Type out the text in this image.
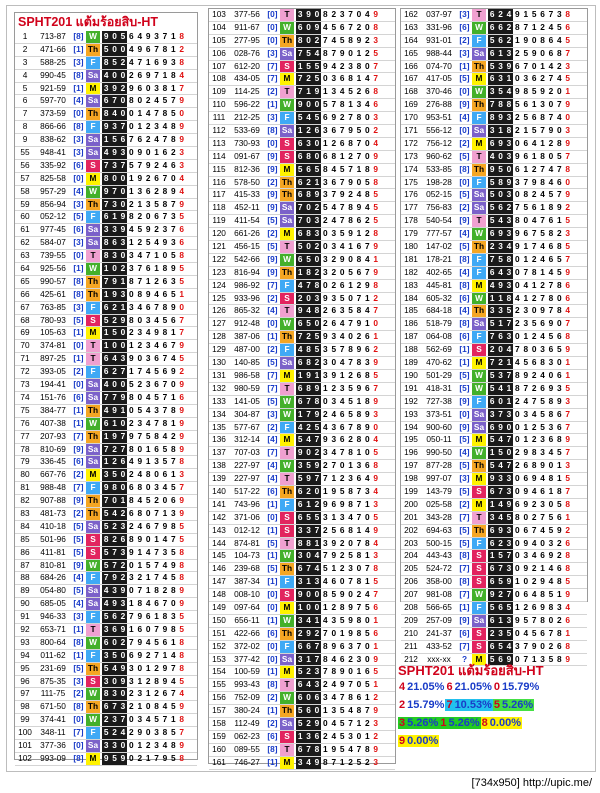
SPHT201 แต้มร้อยสิบ-HT
1	713-87 [8] W 9 0 5 6 4 9 3 7 1 8
2	471-66 [1] Th 5 0 0 4 9 6 7 8 1 2
3	588-25 [3] F	8 5 2 4 7 1 6 9 3 8
4	990-45 [8] Sa 4 0 0 2 6 9 7 1 8 4
5	921-59 [1] M 3 9 2 9 6 0 3 8 1 7
6	597-70 [4] Sa 6 7 0 8 0 2 4 5 7 9
7	373-59 [0] Th 8 4 0 0 1 4 7 8 5 0
8	866-66 [8] F	9 3 7 0 1 2 3 4 8 9
9	838-62 [3] Sa 1 5 6 7 6 2 4 7 8 9
55	948-41 [3] Sa 4 9 3 0 9 0 1 6 2 3
56	335-92 [6] S 7 3 7 5 7 9 2 4 6 3
57	825-58 [0] M 8 0 0 1 9 2 6 7 0 4
58	957-29 [4] W 9 7 0 1 3 6 2 8 9 4
59	856-94 [3] Th 7 3 0 2 1 3 5 8 7 9
60	052-12 [5] F	6 1 9 8 2 0 6 7 3 5
61	977-45 [6] Sa 3 3 9 4 5 9 2 3 7 6
62	584-07 [3] Sa 8 6 3 1 2 5 4 9 3 6
63	739-55 [0] T	8 3 0 3 4 7 1 0 5 8
64	925-56 [1] W 1 0 2 3 7 6 1 8 9 5
65	990-57 [8] Th 7 9 1 8 7 1 2 6 3 5
66	425-61 [8] Th 1 9 3 0 8 9 4 6 5 1
67	763-85 [3] F	6 2 1 3 4 6 7 8 9 0
68	780-93 [5] S 5 2 9 8 0 3 4 5 6 7
69	105-63 [1] M 1 5 0 2 3 4 9 8 1 7
70	374-81 [0] T	1 0 0 1 2 3 4 6 7 9
71	897-25 [1] T	6 4 3 9 0 3 6 7 4 5
72	393-05 [2] F	6 2 7 1 7 4 5 6 9 2
73	194-41 [0] Sa 4 0 0 5 2 3 6 7 0 9
74	151-76 [6] Sa 7 7 9 8 0 4 5 7 1 6
75	384-77 [1] Th 4 9 1 0 5 4 3 7 8 9
76	407-38 [1] W 6 1 0 2 3 4 7 8 1 9
77	207-93 [7] Th 1 9 7 9 7 5 8 4 2 9
78	810-69 [9] Sa 7 2 7 8 0 1 6 5 8 9
79	336-45 [6] Sa 1 2 6 4 9 1 3 5 7 8
80	667-76 [2] M 3 5 0 2 4 8 0 6 1 3
81	988-48 [7] F	9 8 0 6 8 0 3 4 5 7
82	907-88 [9] Th 7 0 1 8 4 5 2 0 6 9
83	481-73 [2] Th 5 4 2 6 8 0 7 1 3 9
84	410-18 [5] Sa 5 2 3 2 4 6 7 9 8 5
85	501-96 [5] S 8 2 6 8 9 0 1 4 7 5
86	411-81 [5] S 5 7 3 9 1 4 7 3 5 8
87	810-81 [9] W 5 7 2 0 1 5 7 4 9 8
88	684-26 [4] F	7 9 2 3 2 1 7 4 5 8
89	054-80 [5] Sa 4 3 9 0 7 1 8 2 8 9
90	685-05 [4] Sa 4 9 3 1 8 4 6 7 0 9
91	946-33 [3] F	5 6 2 7 9 6 1 8 3 5
92	653-71 [1] T	3 6 9 1 6 0 7 9 8 5
93	800-64 [8] W 6 0 2 7 9 4 5 6 1 8
94	011-62 [1] F	3 5 0 6 9 2 7 1 4 8
95	231-69 [5] Th 5 4 9 3 0 1 2 9 7 8
96	875-35 [3] S 3 0 9 3 1 2 8 9 4 5
97	111-75 [2] W 8 3 0 2 3 1 2 6 7 4
98	671-50 [8] Th 6 7 3 2 1 0 8 4 5 9
99	374-41 [0] W 2 3 7 0 3 4 5 7 1 8
100	348-11 [7] F	5 2 4 2 9 0 3 8 5 7
101 377-36 [0] Sa 3 3 0 0 1 2 3 4 8 9
102 993-09 [8] M 9 5 9 0 2 1 7 9 5 8
103 377-56 [0] T	3 9 0 8 2 3 7 0 4 9
104	911-67 [0] W 6 0 9 4 5 6 7 2 0 8
105 277-95 [0] Th 8 0 2 7 4 5 8 9 2 3
106 028-76 [3] Sa 7 5 4 8 7 9 0 1 2 5
107 612-20 [7] S 1 5 5 9 4 2 3 8 0 7
108 434-05 [7] M 7 2 5 0 3 6 8 1 4 7
109	114-25 [2] T	7 1 9 1 3 4 5 2 6 8
110	596-22 [1] W 9 0 0 5 7 8 1 3 4 6
111	212-25 [3] F	5 4 5 6 9 2 7 8 0 3
112	533-69 [8] Sa 1 2 6 3 6 7 9 5 0 2
113	730-93 [0] S 6 3 0 1 2 6 8 7 0 4
114	091-67 [9] S 6 8 0 6 8 1 2 7 0 9
115	812-36 [9] M 5 6 5 8 4 5 7 1 8 9
116	578-50 [2] Th 6 2 1 3 6 7 9 0 5 8
117	415-33 [9] Th 6 8 9 3 7 9 2 4 8 5
118	452-11 [9] Sa 7 0 2 5 4 7 8 9 4 5
119	411-54 [5] Sa 7 0 3 2 4 7 8 6 2 5
120 661-26 [2] M 6 8 3 0 3 5 9 1 2 8
121 456-15 [5] T	5 0 2 0 3 4 1 6 7 9
122 542-66 [9] W 6 5 0 3 2 9 0 8 4 1
123 816-94 [9] Th 1 8 2 3 2 0 5 6 7 9
124 986-92 [7] F	4 7 8 0 2 6 1 2 9 8
125 933-96 [2] S 2 0 3 9 3 5 0 7 1 2
126 865-32 [4] T	9 4 8 2 6 3 5 8 4 7
127 912-48 [0] W 6 5 0 2 6 4 7 9 1 0
128 387-06 [1] Th 7 2 5 9 3 4 0 2 6 1
129 487-00 [2] F	4 8 5 3 5 7 8 9 6 2
130 140-85 [5] Sa 6 8 2 3 0 4 7 8 3 9
131 986-58 [7] M 1 9 1 3 9 1 2 6 8 5
132 980-59 [7] T	6 8 9 1 2 3 5 9 6 7
133 141-05 [5] W 6 7 8 0 3 4 5 1 8 9
134 304-87 [3] W 1 7 9 2 4 6 5 8 9 3
135 577-67 [2] F	4 2 5 4 3 6 7 8 9 0
136 312-14 [4] M 5 4 7 9 3 6 2 8 0 4
137 707-03 [7] T	9 0 2 3 4 7 8 1 0 5
138 227-97 [4] W 3 5 9 2 7 0 1 3 6 8
139 227-97 [4] T	5 9 7 7 1 2 3 6 4 9
140 517-22 [6] Th 6 2 0 1 9 5 8 7 3 4
141 743-96 [1] F	6 1 2 9 6 9 8 7 1 3
142 371-06 [0] S 6 5 5 3 1 3 4 7 0 5
143 012-12 [1] S 3 3 7 2 5 6 8 1 4 9
144 874-81 [5] T	8 8 1 3 9 2 0 7 8 4
145 104-73 [1] W 3 0 4 7 9 2 5 8 1 3
146 239-68 [5] Th 6 7 4 5 1 2 3 0 7 8
147 387-34 [1] F	3 1 3 4 6 0 7 8 1 5
148 008-10 [0] S 9 0 0 8 5 9 0 2 4 7
149 097-64 [0] M 1 0 0 1 2 8 9 7 5 6
150	656-11 [1] W 3 4 1 4 3 5 9 8 0 1
151 422-66 [6] Th 2 9 2 7 0 1 9 8 5 6
152 372-02 [0] F	6 6 7 8 9 6 3 7 0 1
153 377-42 [0] Sa 3 1 7 8 4 6 2 3 0 9
154 100-59 [1] M 5 2 3 7 8 9 0 1 6 5
155 993-43 [8] T	6 4 3 2 4 9 7 0 5 1
156 752-09 [2] W 6 0 6 3 4 7 8 6 1 2
157 380-24 [1] Th 5 6 0 1 3 5 4 8 7 9
158	112-49 [2] Sa 5 2 9 0 4 5 7 1 2 3
159 062-23 [6] S 1 3 6 2 4 5 3 0 1 2
160 089-55 [8] T	6 7 8 1 9 5 4 7 8 9
161 746-27 [1] M 3 4 9 8 7 1 2 5 2 3
162 037-97 [3] T	6 2 4 9 1 5 6 7 3 8
163 331-96 [6] W 6 6 2 8 7 1 2 4 5 6
164 931-01 [2] F	5 6 2 1 9 0 8 6 4 5
165 988-44 [3] Sa 6 1 3 2 5 9 0 6 8 7
166 074-70 [1] Th 5 3 9 6 7 0 1 4 2 3
167 417-05 [5] M 6 3 1 0 3 6 2 7 4 5
168 370-46 [0] W 3 5 4 9 8 5 9 2 0 1
169 276-88 [9] Th 7 8 8 5 6 1 3 0 7 9
170 953-51 [4] F	8 9 3 2 5 6 8 7 4 0
171 556-12 [0] Sa 3 1 8 2 1 5 7 9 0 3
172 756-12 [2] M 6 9 3 0 6 4 1 2 8 9
173 960-62 [5] T	4 0 3 9 6 1 8 0 5 7
174 533-85 [8] Th 9 5 0 6 1 2 7 4 7 8
175 198-28 [0] F	5 8 9 3 7 9 8 4 6 0
176 052-15 [5] Sa 5 0 3 0 8 2 4 5 7 9
177 756-83 [2] Sa 5 6 2 7 5 6 1 8 9 2
178 540-54 [9] T	5 4 3 8 0 4 7 6 1 5
179 777-57 [4] W 6 9 3 9 6 7 5 8 2 3
180 147-02 [5] Th 2 3 4 9 1 7 4 6 8 5
181 178-21 [8] F	7 5 8 0 1 2 4 6 5 7
182 402-65 [4] F	6 4 3 0 7 8 1 4 5 9
183 445-81 [8] M 4 9 3 0 4 1 2 7 8 6
184 605-32 [6] W 1 1 8 4 1 2 7 8 0 6
185 684-18 [4] Th 3 3 5 2 3 0 9 7 8 4
186 518-79 [8] Sa 5 1 7 2 3 5 6 9 0 7
187 064-08 [6] F	7 6 3 0 1 2 4 5 6 8
188 562-69 [1] S 2 0 4 7 8 0 3 6 5 9
189 470-62 [1] M 7 2 1 4 5 6 8 3 0 1
190 501-29 [5] W 5 3 7 8 9 2 4 0 6 1
191 418-31 [5] W 5 4 1 8 7 2 6 9 3 5
192 727-38 [9] F	6 0 1 2 4 7 5 8 9 3
193 373-51 [0] Sa 3 7 3 0 3 4 5 8 6 7
194 900-60 [9] Sa 6 9 0 0 1 2 5 3 6 7
195	050-11 [5] M 5 4 7 0 1 2 3 6 8 9
196 990-50 [4] W 1 5 0 2 9 8 3 4 5 7
197 877-28 [5] Th 5 4 7 2 6 8 9 0 1 3
198 997-07 [3] M 9 3 3 0 6 9 4 8 1 5
199 143-79 [5] S 6 7 3 0 9 4 6 1 8 7
200 025-58 [2] M 1 4 9 6 9 2 3 0 5 8
201 343-28 [7] T	3 4 5 8 0 2 7 5 6 1
202 694-63 [5] Th 6 9 3 0 6 7 4 5 9 2
203 500-15 [5] F	6 2 3 0 9 4 0 3 2 6
204 443-43 [8] S 1 5 7 0 3 4 6 9 2 8
205 524-72 [7] S 6 7 3 0 9 2 1 4 6 8
206 358-00 [8] S 6 5 9 1 0 2 9 4 8 5
207 981-08 [7] W 9 2 7 0 6 4 8 5 1 9
208 566-65 [1] F	5 6 5 1 2 6 9 8 3 4
209 257-09 [9] Sa 6 1 3 9 5 7 8 0 2 6
210 241-37 [6] S 2 3 5 0 4 5 6 7 8 1
211	433-52 [7] S 6 5 4 3 7 9 0 2 6 8
212	xxx-xx	?	M 5 6 9 0 7 1 3 5 8 9
SPHT201 แต้มร้อยสิบ-HT
4 21.05% 6 21.05% 0 15.79%
2 15.79% 7 10.53% 5 5.26%
3 5.26% 1 5.26% 8 0.00%
9 0.00%
[734x950] http://upic.me/
